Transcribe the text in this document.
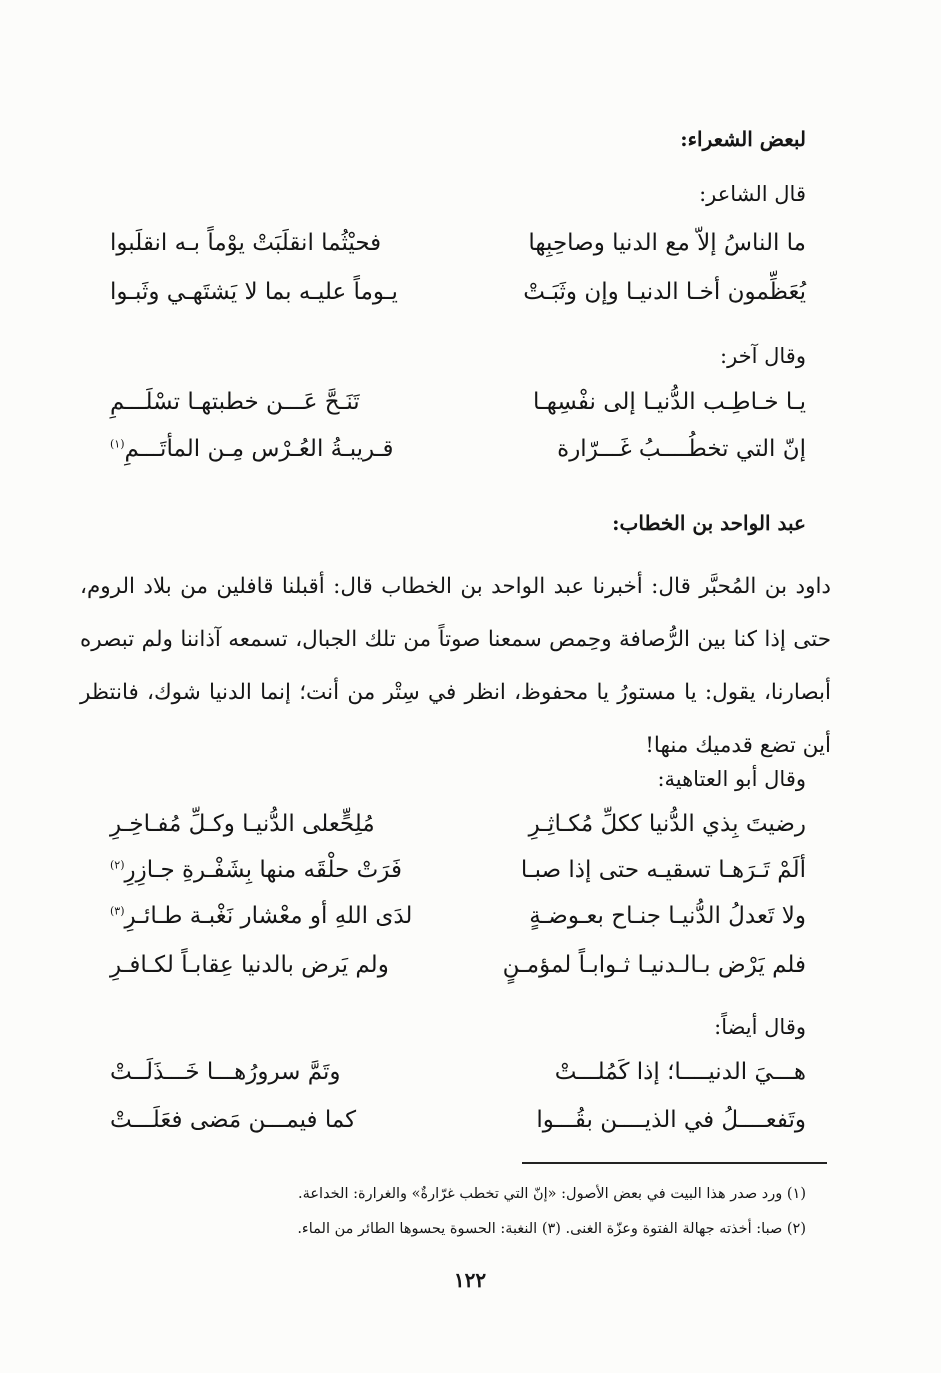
لبعض الشعراء:
قال الشاعر:
ما الناسُ إلاّ مع الدنيا وصاحِبِها
فحيْثُما انقلَبَتْ يوْماً بـه انقلَبوا
يُعَظِّمون أخـا الدنيـا وإن وثَبَـتْ
يـوماً عليـه بما لا يَشتَهـي وثَبـوا
وقال آخر:
يـا خـاطِـب الدُّنيـا إلى نفْسِهـا
تَنَـحَّ عَـــن خطبتهـا تسْلَـــمِ
إنّ التي تخطُــــبُ غَـــرّارة
قـريبـةُ العُـرْس مِـن المأتَـــمِ$^{(١)}$
عبد الواحد بن الخطاب:
داود بن المُحبَّر قال: أخبرنا عبد الواحد بن الخطاب قال: أقبلنا قافلين من بلاد الروم، حتى إذا كنا بين الرُّصافة وحِمص سمعنا صوتاً من تلك الجبال، تسمعه آذاننا ولم تبصره أبصارنا، يقول: يا مستورُ يا محفوظ، انظر في سِتْر من أنت؛ إنما الدنيا شوك، فانتظر أين تضع قدميك منها!
وقال أبو العتاهية:
رضيتَ بِذي الدُّنيا ككلِّ مُكـاثِـرِ
مُلِحٍّعلى الدُّنيـا وكـلِّ مُفـاخِـرِ
ألَمْ تَـرَهـا تسقيـه حتى إذا صبـا
فَرَتْ حلْقَه منها بِشَفْـرةِ جـازِرِ$^{(٢)}$
ولا تَعدلُ الدُّنيـا جنـاح بعـوضـةٍ
لدَى اللهِ أو معْشار نَغْبـة طـائـرِ$^{(٣)}$
فلم يَرْض بـالـدنيـا ثـوابـاً لمؤمـنٍ
ولم يَرض بالدنيا عِقابـاً لكـافـرِ
وقال أيضاً:
هـــيَ الدنيــــا؛ إذا كَمُلـــتْ
وتَمَّ سرورُهـــا خَـــذَلَــتْ
وتَفعــــلُ في الذيــــن بقُـــوا
كما فيمـــن مَضى فعَلَـــتْ
(١) ورد صدر هذا البيت في بعض الأصول: «إنّ التي تخطب غرّارةٌ» والغرارة: الخداعة.
(٢) صبا: أخذته جهالة الفتوة وعزّة الغنى. (٣) النغبة: الحسوة يحسوها الطائر من الماء.
١٢٢
